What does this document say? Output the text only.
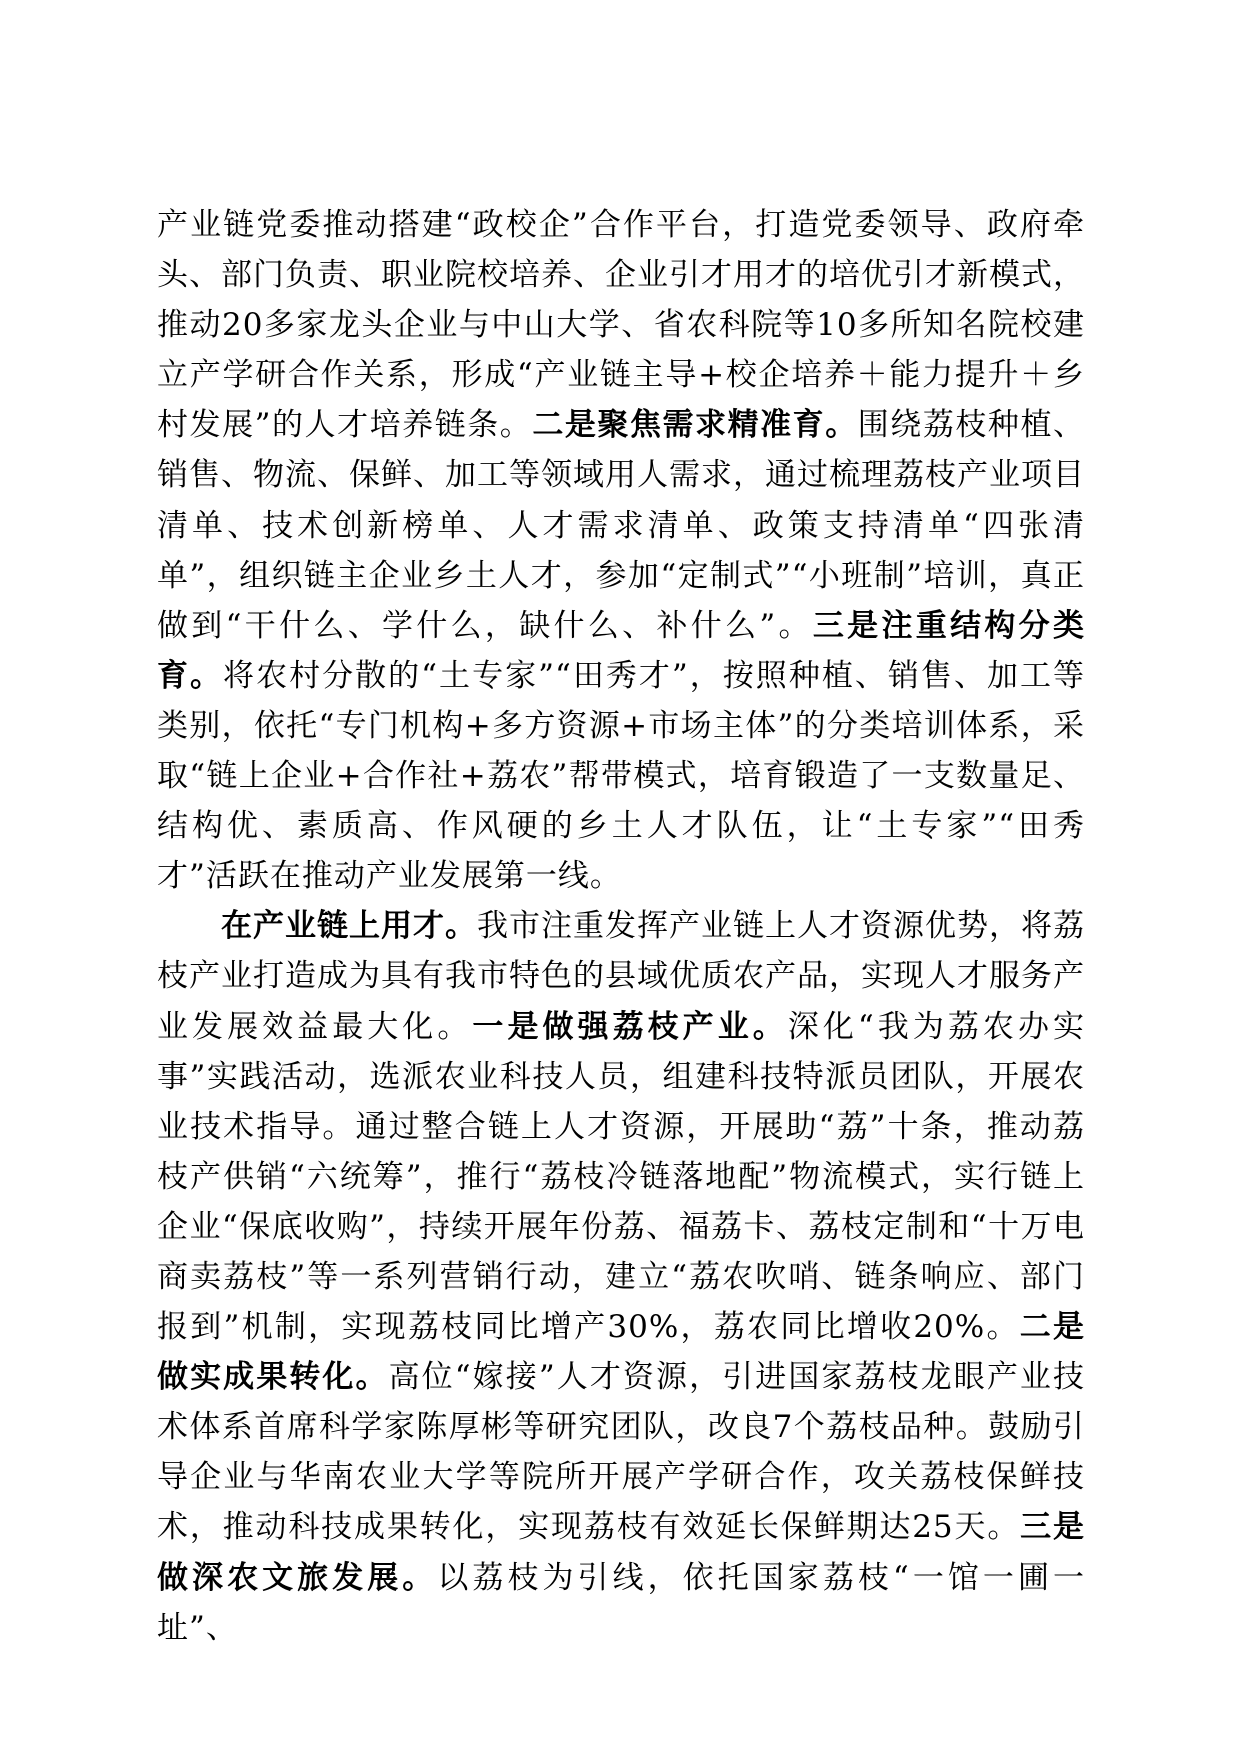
产业链党委推动搭建“政校企”合作平台，打造党委领导、政府牵头、部门负责、职业院校培养、企业引才用才的培优引才新模式，推动20多家龙头企业与中山大学、省农科院等10多所知名院校建立产学研合作关系，形成“产业链主导+校企培养＋能力提升＋乡村发展”的人才培养链条。二是聚焦需求精准育。围绕荔枝种植、销售、物流、保鲜、加工等领域用人需求，通过梳理荔枝产业项目清单、技术创新榜单、人才需求清单、政策支持清单“四张清单”，组织链主企业乡土人才，参加“定制式”“小班制”培训，真正做到“干什么、学什么，缺什么、补什么”。三是注重结构分类育。将农村分散的“土专家”“田秀才”，按照种植、销售、加工等类别，依托“专门机构+多方资源+市场主体”的分类培训体系，采取“链上企业+合作社+荔农”帮带模式，培育锻造了一支数量足、结构优、素质高、作风硬的乡土人才队伍，让“土专家”“田秀才”活跃在推动产业发展第一线。

在产业链上用才。我市注重发挥产业链上人才资源优势，将荔枝产业打造成为具有我市特色的县域优质农产品，实现人才服务产业发展效益最大化。一是做强荔枝产业。深化“我为荔农办实事”实践活动，选派农业科技人员，组建科技特派员团队，开展农业技术指导。通过整合链上人才资源，开展助“荔”十条，推动荔枝产供销“六统筹”，推行“荔枝冷链落地配”物流模式，实行链上企业“保底收购”，持续开展年份荔、福荔卡、荔枝定制和“十万电商卖荔枝”等一系列营销行动，建立“荔农吹哨、链条响应、部门报到”机制，实现荔枝同比增产30%，荔农同比增收20%。二是做实成果转化。高位“嫁接”人才资源，引进国家荔枝龙眼产业技术体系首席科学家陈厚彬等研究团队，改良7个荔枝品种。鼓励引导企业与华南农业大学等院所开展产学研合作，攻关荔枝保鲜技术，推动科技成果转化，实现荔枝有效延长保鲜期达25天。三是做深农文旅发展。以荔枝为引线，依托国家荔枝“一馆一圃一址”、
